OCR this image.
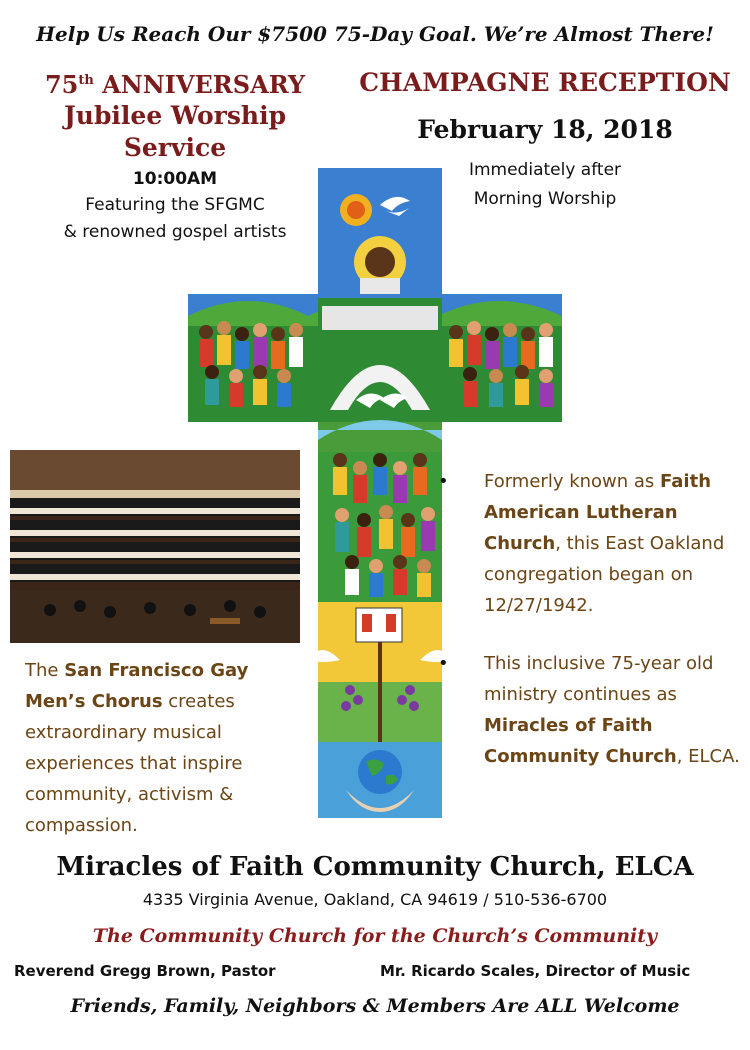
Help Us Reach Our $7500 75-Day Goal. We’re Almost There!
75th ANNIVERSARY
Jubilee Worship Service
10:00AM
Featuring the SFGMC
& renowned gospel artists
CHAMPAGNE RECEPTION
February 18, 2018
Immediately after
Morning Worship
The San Francisco Gay Men’s Chorus creates extraordinary musical experiences that inspire community, activism & compassion.
• Formerly known as Faith American Lutheran Church, this East Oakland congregation began on 12/27/1942.
• This inclusive 75-year old ministry continues as Miracles of Faith Community Church, ELCA.
Miracles of Faith Community Church, ELCA
4335 Virginia Avenue, Oakland, CA 94619 / 510-536-6700
The Community Church for the Church’s Community
Reverend Gregg Brown, Pastor	Mr. Ricardo Scales, Director of Music
Friends, Family, Neighbors & Members Are ALL Welcome
